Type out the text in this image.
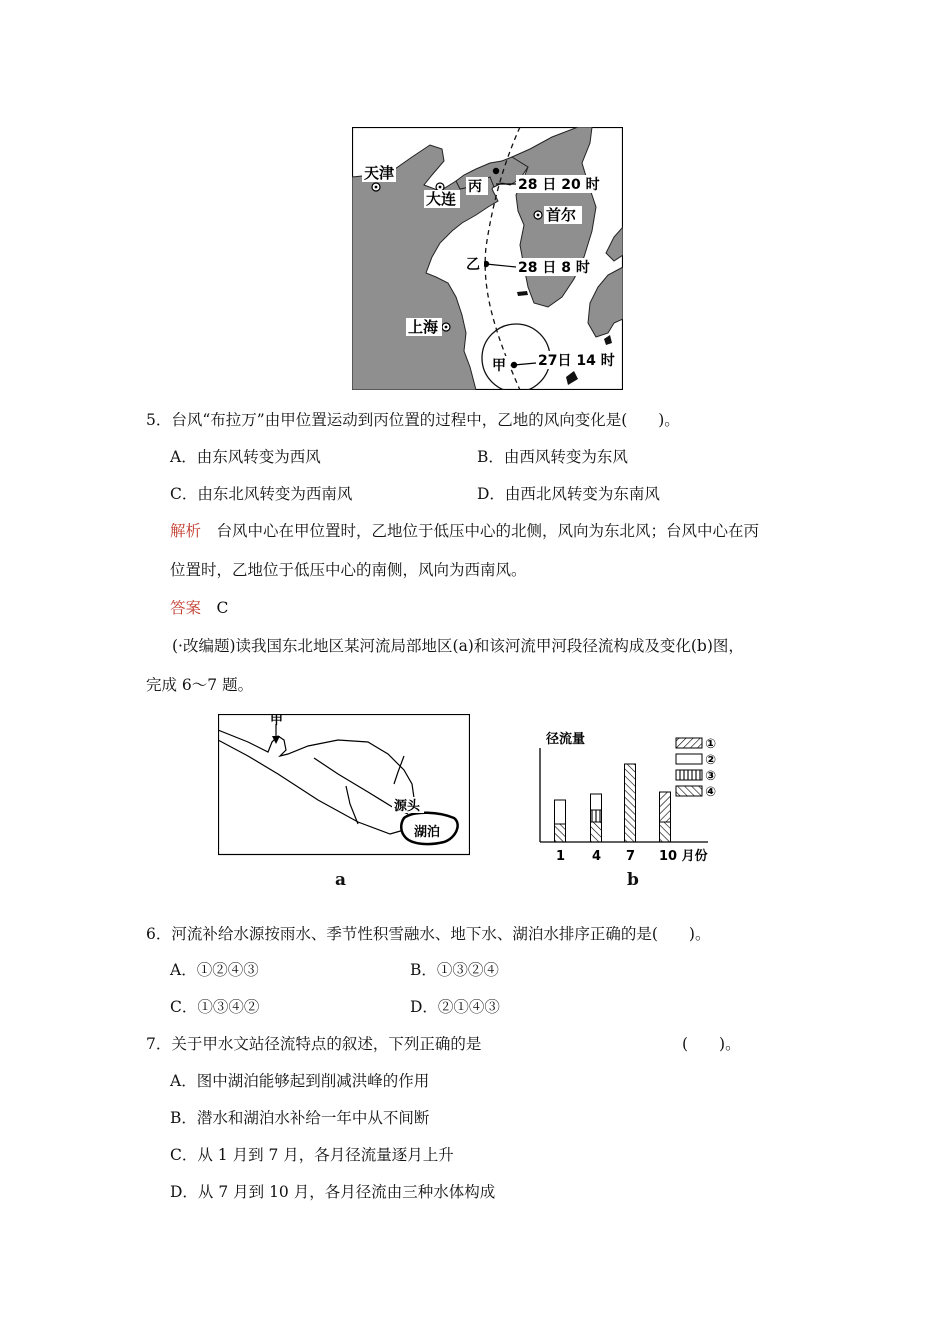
天津
大连
丙	28 日 20 时
首尔
乙	28 日 8 时
上海
甲 27日 14 时
5．台风“布拉万”由甲位置运动到丙位置的过程中，乙地的风向变化是(　　)。
A．由东风转变为西风	B．由西风转变为东风
C．由东北风转变为西南风	D．由西北风转变为东南风
解析　台风中心在甲位置时，乙地位于低压中心的北侧，风向为东北风；台风中心在丙
位置时，乙地位于低压中心的南侧，风向为西南风。
答案　C
(·改编题)读我国东北地区某河流局部地区(a)和该河流甲河段径流构成及变化(b)图，
完成 6～7 题。
甲
源头
湖泊
a
径流量
1 4 7 10 月份
①
②
③
④
b
6．河流补给水源按雨水、季节性积雪融水、地下水、湖泊水排序正确的是(　　)。
A．①②④③	B．①③②④
C．①③④②	D．②①④③
7．关于甲水文站径流特点的叙述，下列正确的是	(　　)。
A．图中湖泊能够起到削减洪峰的作用
B．潜水和湖泊水补给一年中从不间断
C．从 1 月到 7 月，各月径流量逐月上升
D．从 7 月到 10 月，各月径流由三种水体构成
